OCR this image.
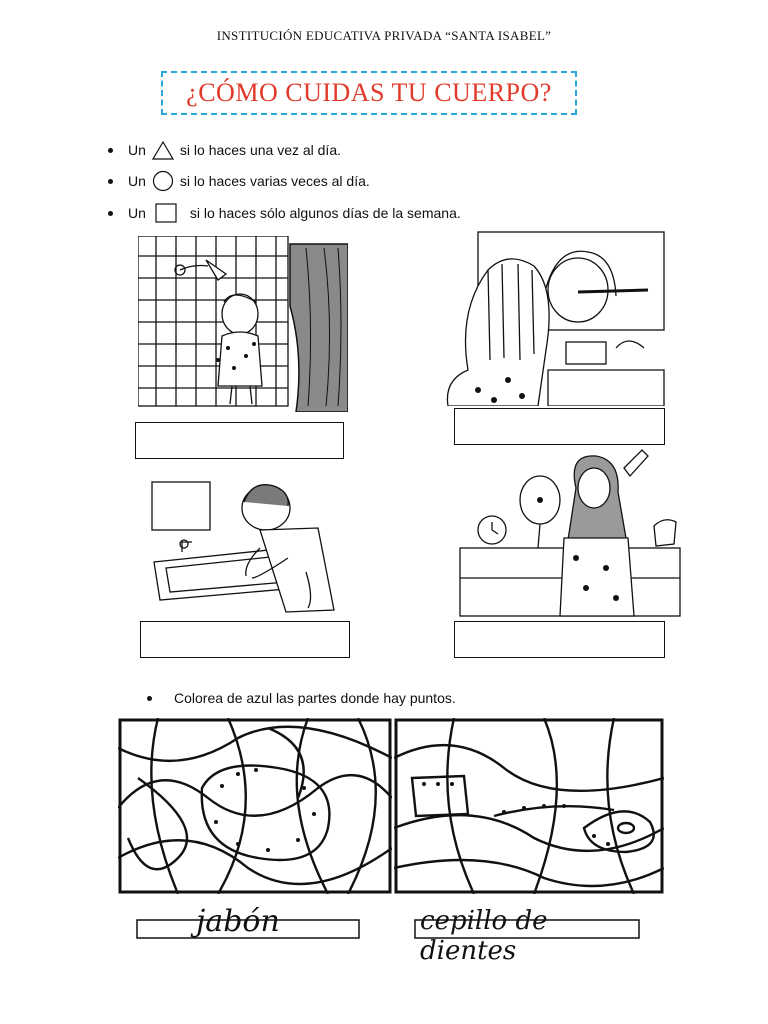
INSTITUCIÓN EDUCATIVA PRIVADA “SANTA ISABEL”
¿CÓMO CUIDAS TU CUERPO?
Un si lo haces una vez al día.
Un si lo haces varias veces al día.
Un	si lo haces sólo algunos días de la semana.
Colorea de azul las partes donde hay puntos.
jabón	cepillo de dientes
